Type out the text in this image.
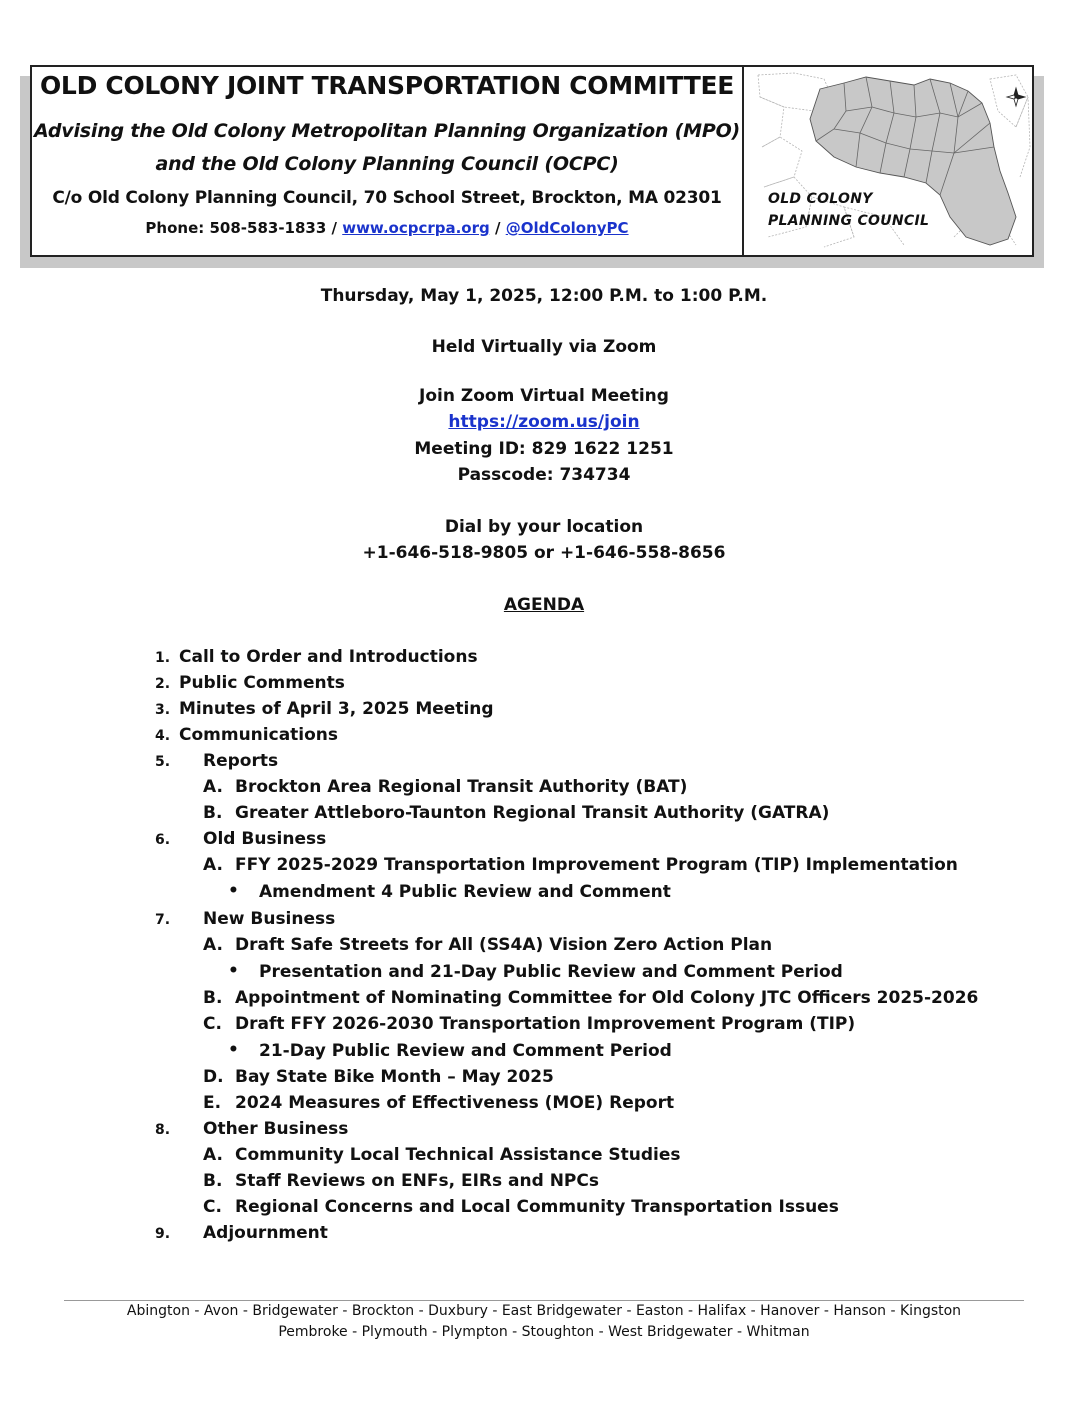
OLD COLONY JOINT TRANSPORTATION COMMITTEE
Advising the Old Colony Metropolitan Planning Organization (MPO)
and the Old Colony Planning Council (OCPC)
C/o Old Colony Planning Council, 70 School Street, Brockton, MA 02301
Phone: 508-583-1833 / www.ocpcrpa.org / @OldColonyPC
OLD COLONY
PLANNING COUNCIL
Thursday, May 1, 2025, 12:00 P.M. to 1:00 P.M.
Held Virtually via Zoom
Join Zoom Virtual Meeting
https://zoom.us/join
Meeting ID: 829 1622 1251
Passcode: 734734
Dial by your location
+1-646-518-9805 or +1-646-558-8656
AGENDA
1. Call to Order and Introductions
2. Public Comments
3. Minutes of April 3, 2025 Meeting
4. Communications
5. Reports
A. Brockton Area Regional Transit Authority (BAT)
B. Greater Attleboro-Taunton Regional Transit Authority (GATRA)
6. Old Business
A. FFY 2025-2029 Transportation Improvement Program (TIP) Implementation
• Amendment 4 Public Review and Comment
7. New Business
A. Draft Safe Streets for All (SS4A) Vision Zero Action Plan
• Presentation and 21-Day Public Review and Comment Period
B. Appointment of Nominating Committee for Old Colony JTC Officers 2025-2026
C. Draft FFY 2026-2030 Transportation Improvement Program (TIP)
• 21-Day Public Review and Comment Period
D. Bay State Bike Month – May 2025
E. 2024 Measures of Effectiveness (MOE) Report
8. Other Business
A. Community Local Technical Assistance Studies
B. Staff Reviews on ENFs, EIRs and NPCs
C. Regional Concerns and Local Community Transportation Issues
9. Adjournment
Abington - Avon - Bridgewater - Brockton - Duxbury - East Bridgewater - Easton - Halifax - Hanover - Hanson - Kingston
Pembroke - Plymouth - Plympton - Stoughton - West Bridgewater - Whitman
